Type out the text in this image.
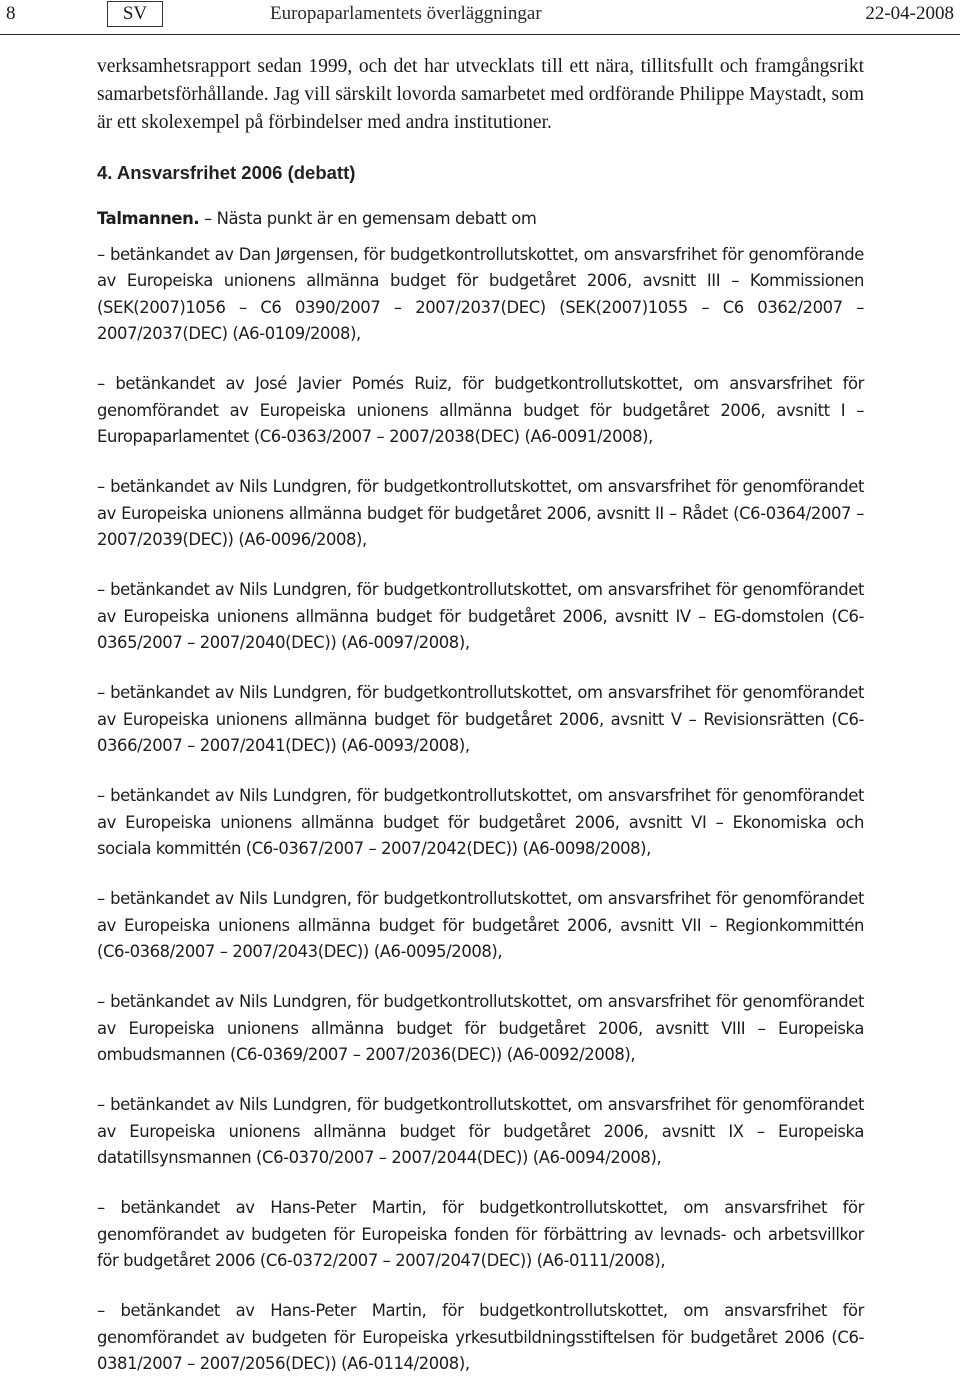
8	SV	Europaparlamentets överläggningar	22-04-2008

verksamhetsrapport sedan 1999, och det har utvecklats till ett nära, tillitsfullt och framgångsrikt samarbetsförhållande. Jag vill särskilt lovorda samarbetet med ordförande Philippe Maystadt, som är ett skolexempel på förbindelser med andra institutioner.

4. Ansvarsfrihet 2006 (debatt)

Talmannen. – Nästa punkt är en gemensam debatt om

– betänkandet av Dan Jørgensen, för budgetkontrollutskottet, om ansvarsfrihet för genomförande av Europeiska unionens allmänna budget för budgetåret 2006, avsnitt III – Kommissionen (SEK(2007)1056 – C6 0390/2007 – 2007/2037(DEC) (SEK(2007)1055 – C6 0362/2007 – 2007/2037(DEC) (A6-0109/2008),
– betänkandet av José Javier Pomés Ruiz, för budgetkontrollutskottet, om ansvarsfrihet för genomförandet av Europeiska unionens allmänna budget för budgetåret 2006, avsnitt I – Europaparlamentet (C6-0363/2007 – 2007/2038(DEC) (A6-0091/2008),
– betänkandet av Nils Lundgren, för budgetkontrollutskottet, om ansvarsfrihet för genomförandet av Europeiska unionens allmänna budget för budgetåret 2006, avsnitt II – Rådet (C6-0364/2007 – 2007/2039(DEC)) (A6-0096/2008),
– betänkandet av Nils Lundgren, för budgetkontrollutskottet, om ansvarsfrihet för genomförandet av Europeiska unionens allmänna budget för budgetåret 2006, avsnitt IV – EG-domstolen (C6-0365/2007 – 2007/2040(DEC)) (A6-0097/2008),
– betänkandet av Nils Lundgren, för budgetkontrollutskottet, om ansvarsfrihet för genomförandet av Europeiska unionens allmänna budget för budgetåret 2006, avsnitt V – Revisionsrätten (C6-0366/2007 – 2007/2041(DEC)) (A6-0093/2008),
– betänkandet av Nils Lundgren, för budgetkontrollutskottet, om ansvarsfrihet för genomförandet av Europeiska unionens allmänna budget för budgetåret 2006, avsnitt VI – Ekonomiska och sociala kommittén (C6-0367/2007 – 2007/2042(DEC)) (A6-0098/2008),
– betänkandet av Nils Lundgren, för budgetkontrollutskottet, om ansvarsfrihet för genomförandet av Europeiska unionens allmänna budget för budgetåret 2006, avsnitt VII – Regionkommittén (C6-0368/2007 – 2007/2043(DEC)) (A6-0095/2008),
– betänkandet av Nils Lundgren, för budgetkontrollutskottet, om ansvarsfrihet för genomförandet av Europeiska unionens allmänna budget för budgetåret 2006, avsnitt VIII – Europeiska ombudsmannen (C6-0369/2007 – 2007/2036(DEC)) (A6-0092/2008),
– betänkandet av Nils Lundgren, för budgetkontrollutskottet, om ansvarsfrihet för genomförandet av Europeiska unionens allmänna budget för budgetåret 2006, avsnitt IX – Europeiska datatillsynsmannen (C6-0370/2007 – 2007/2044(DEC)) (A6-0094/2008),
– betänkandet av Hans-Peter Martin, för budgetkontrollutskottet, om ansvarsfrihet för genomförandet av budgeten för Europeiska fonden för förbättring av levnads- och arbetsvillkor för budgetåret 2006 (C6-0372/2007 – 2007/2047(DEC)) (A6-0111/2008),
– betänkandet av Hans-Peter Martin, för budgetkontrollutskottet, om ansvarsfrihet för genomförandet av budgeten för Europeiska yrkesutbildningsstiftelsen för budgetåret 2006 (C6-0381/2007 – 2007/2056(DEC)) (A6-0114/2008),
